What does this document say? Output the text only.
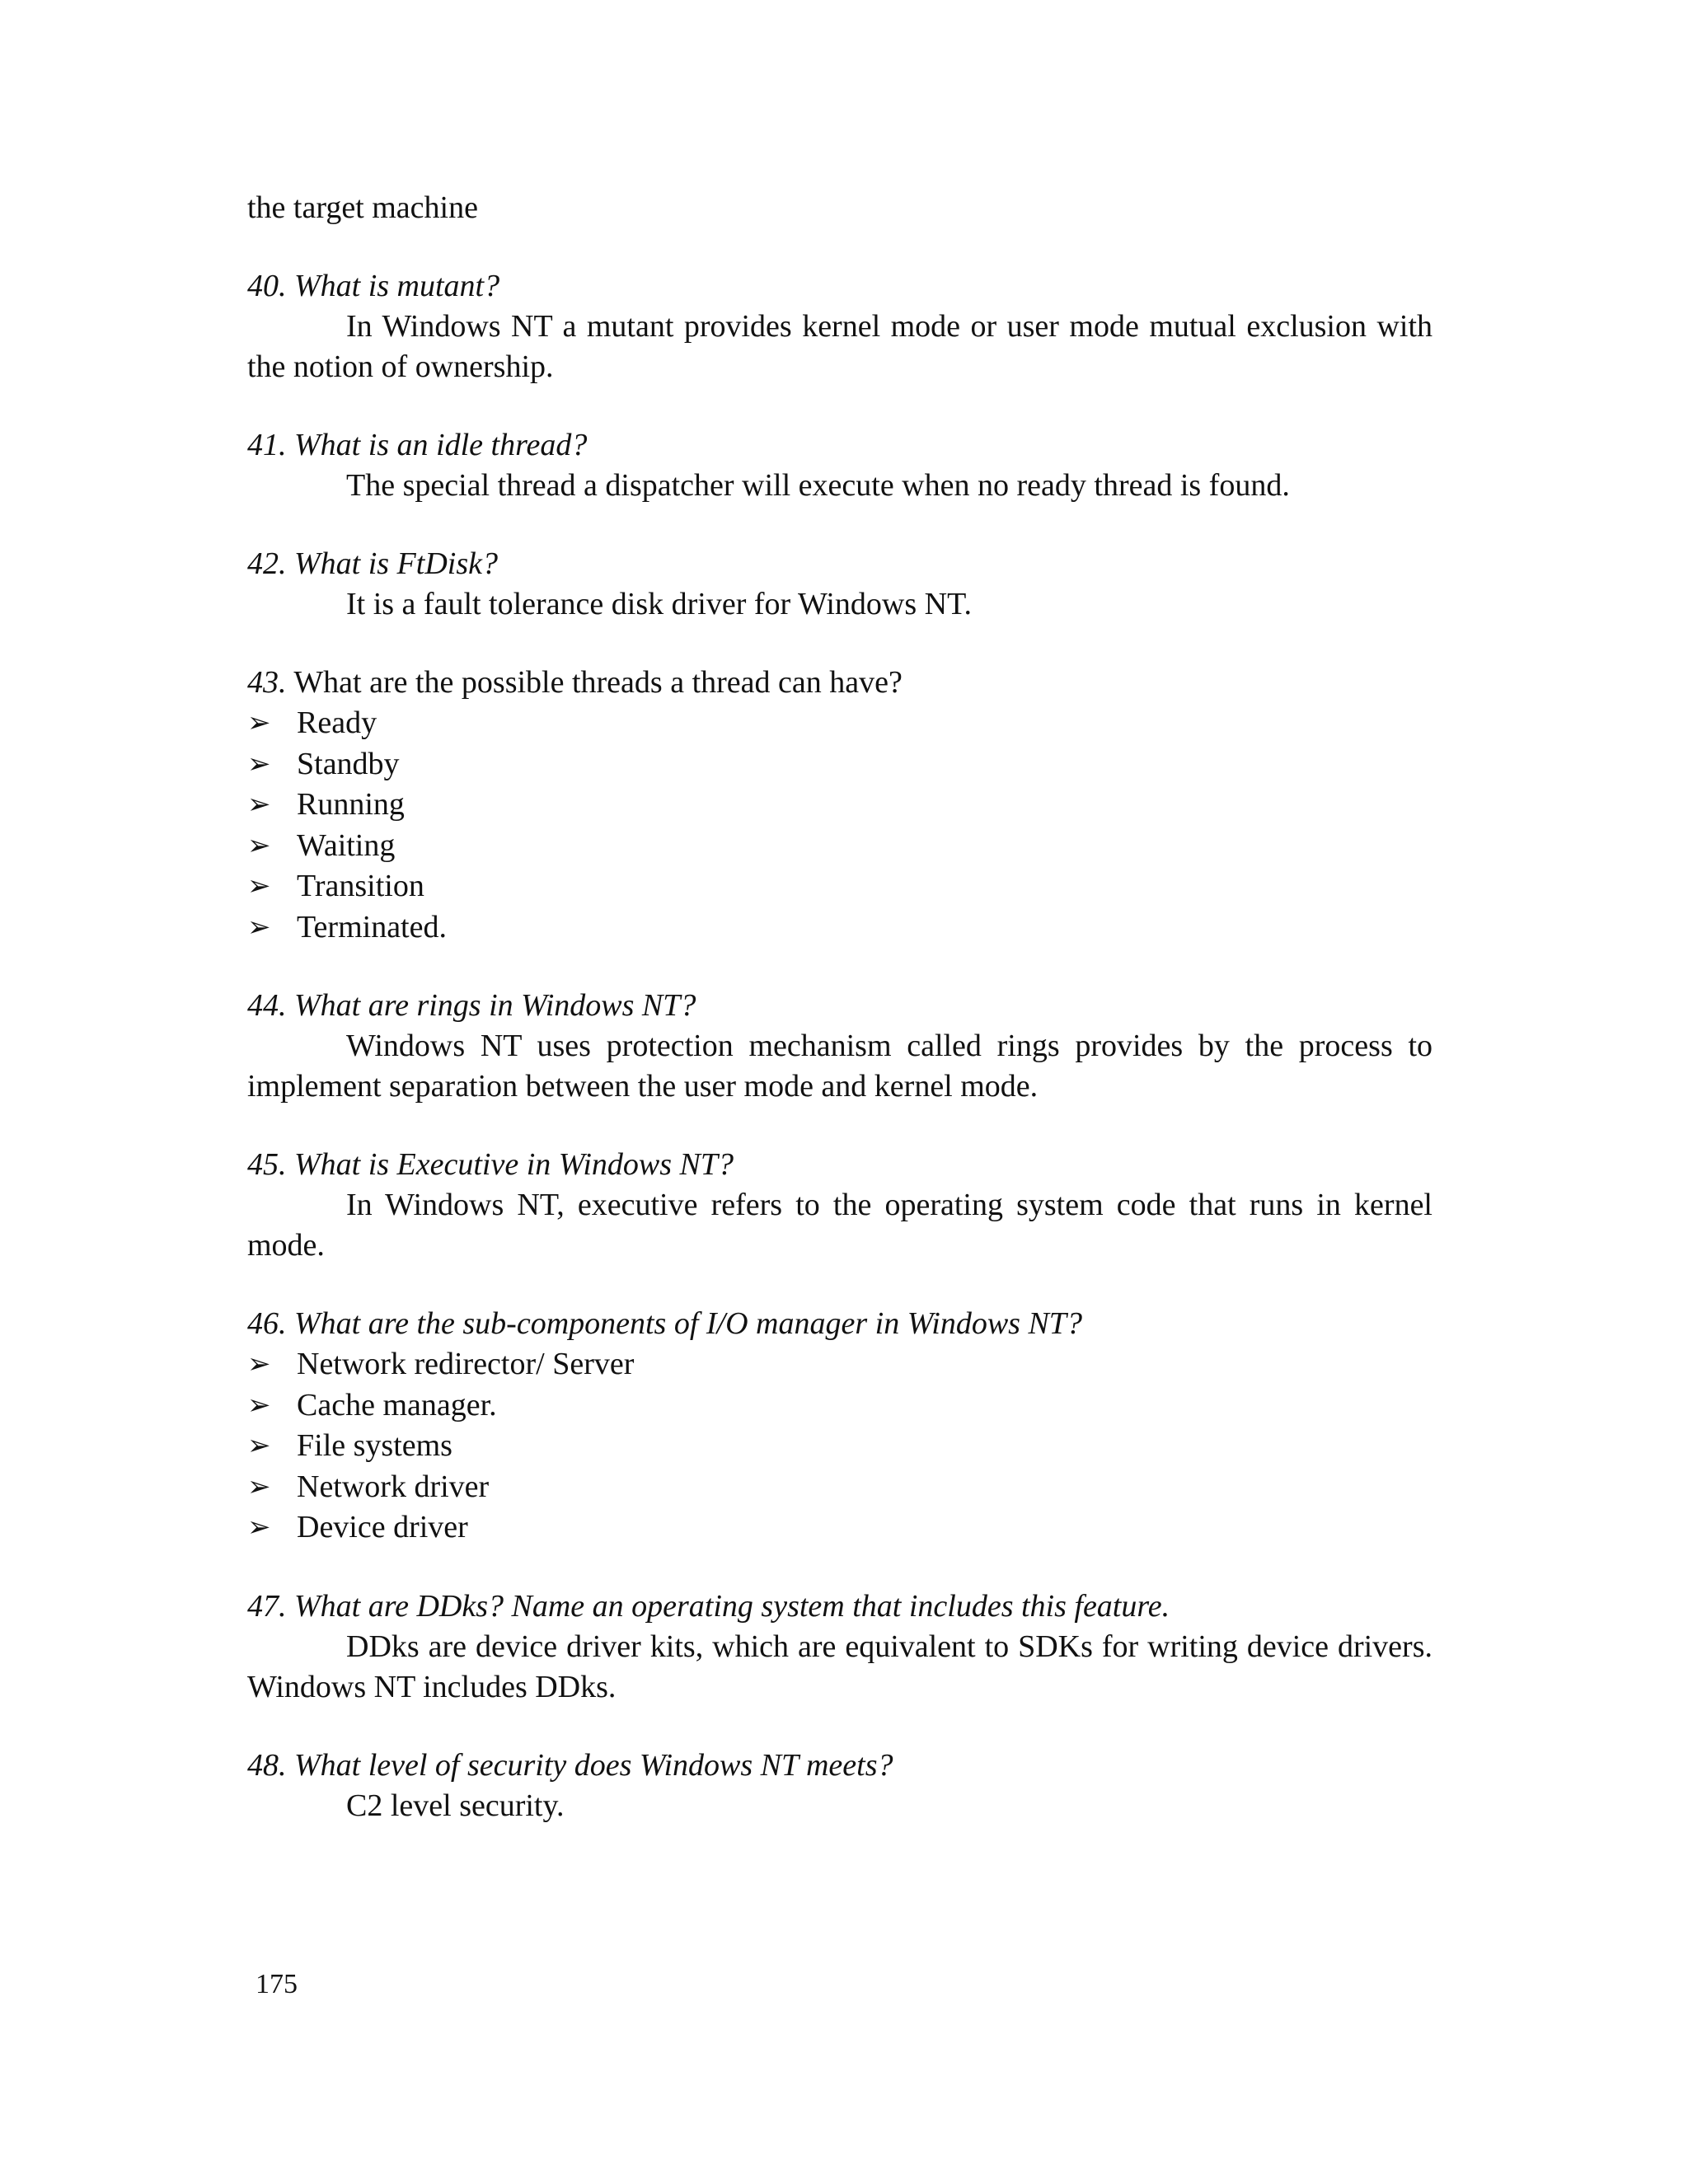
the target machine

40. What is mutant?

In Windows NT a mutant provides kernel mode or user mode mutual exclusion with the notion of ownership.

41. What is an idle thread?

The special thread a dispatcher will execute when no ready thread is found.

42. What is FtDisk?

It is a fault tolerance disk driver for Windows NT.

43. What are the possible threads a thread can have?

➢ Ready
➢ Standby
➢ Running
➢ Waiting
➢ Transition
➢ Terminated.

44. What are rings in Windows NT?

Windows NT uses protection mechanism called rings provides by the process to implement separation between the user mode and kernel mode.

45. What is Executive in Windows NT?

In Windows NT, executive refers to the operating system code that runs in kernel mode.

46. What are the sub-components of I/O manager in Windows NT?

➢ Network redirector/ Server
➢ Cache manager.
➢ File systems
➢ Network driver
➢ Device driver

47. What are DDks? Name an operating system that includes this feature.

DDks are device driver kits, which are equivalent to SDKs for writing device drivers. Windows NT includes DDks.

48. What level of security does Windows NT meets?

C2 level security.

175
